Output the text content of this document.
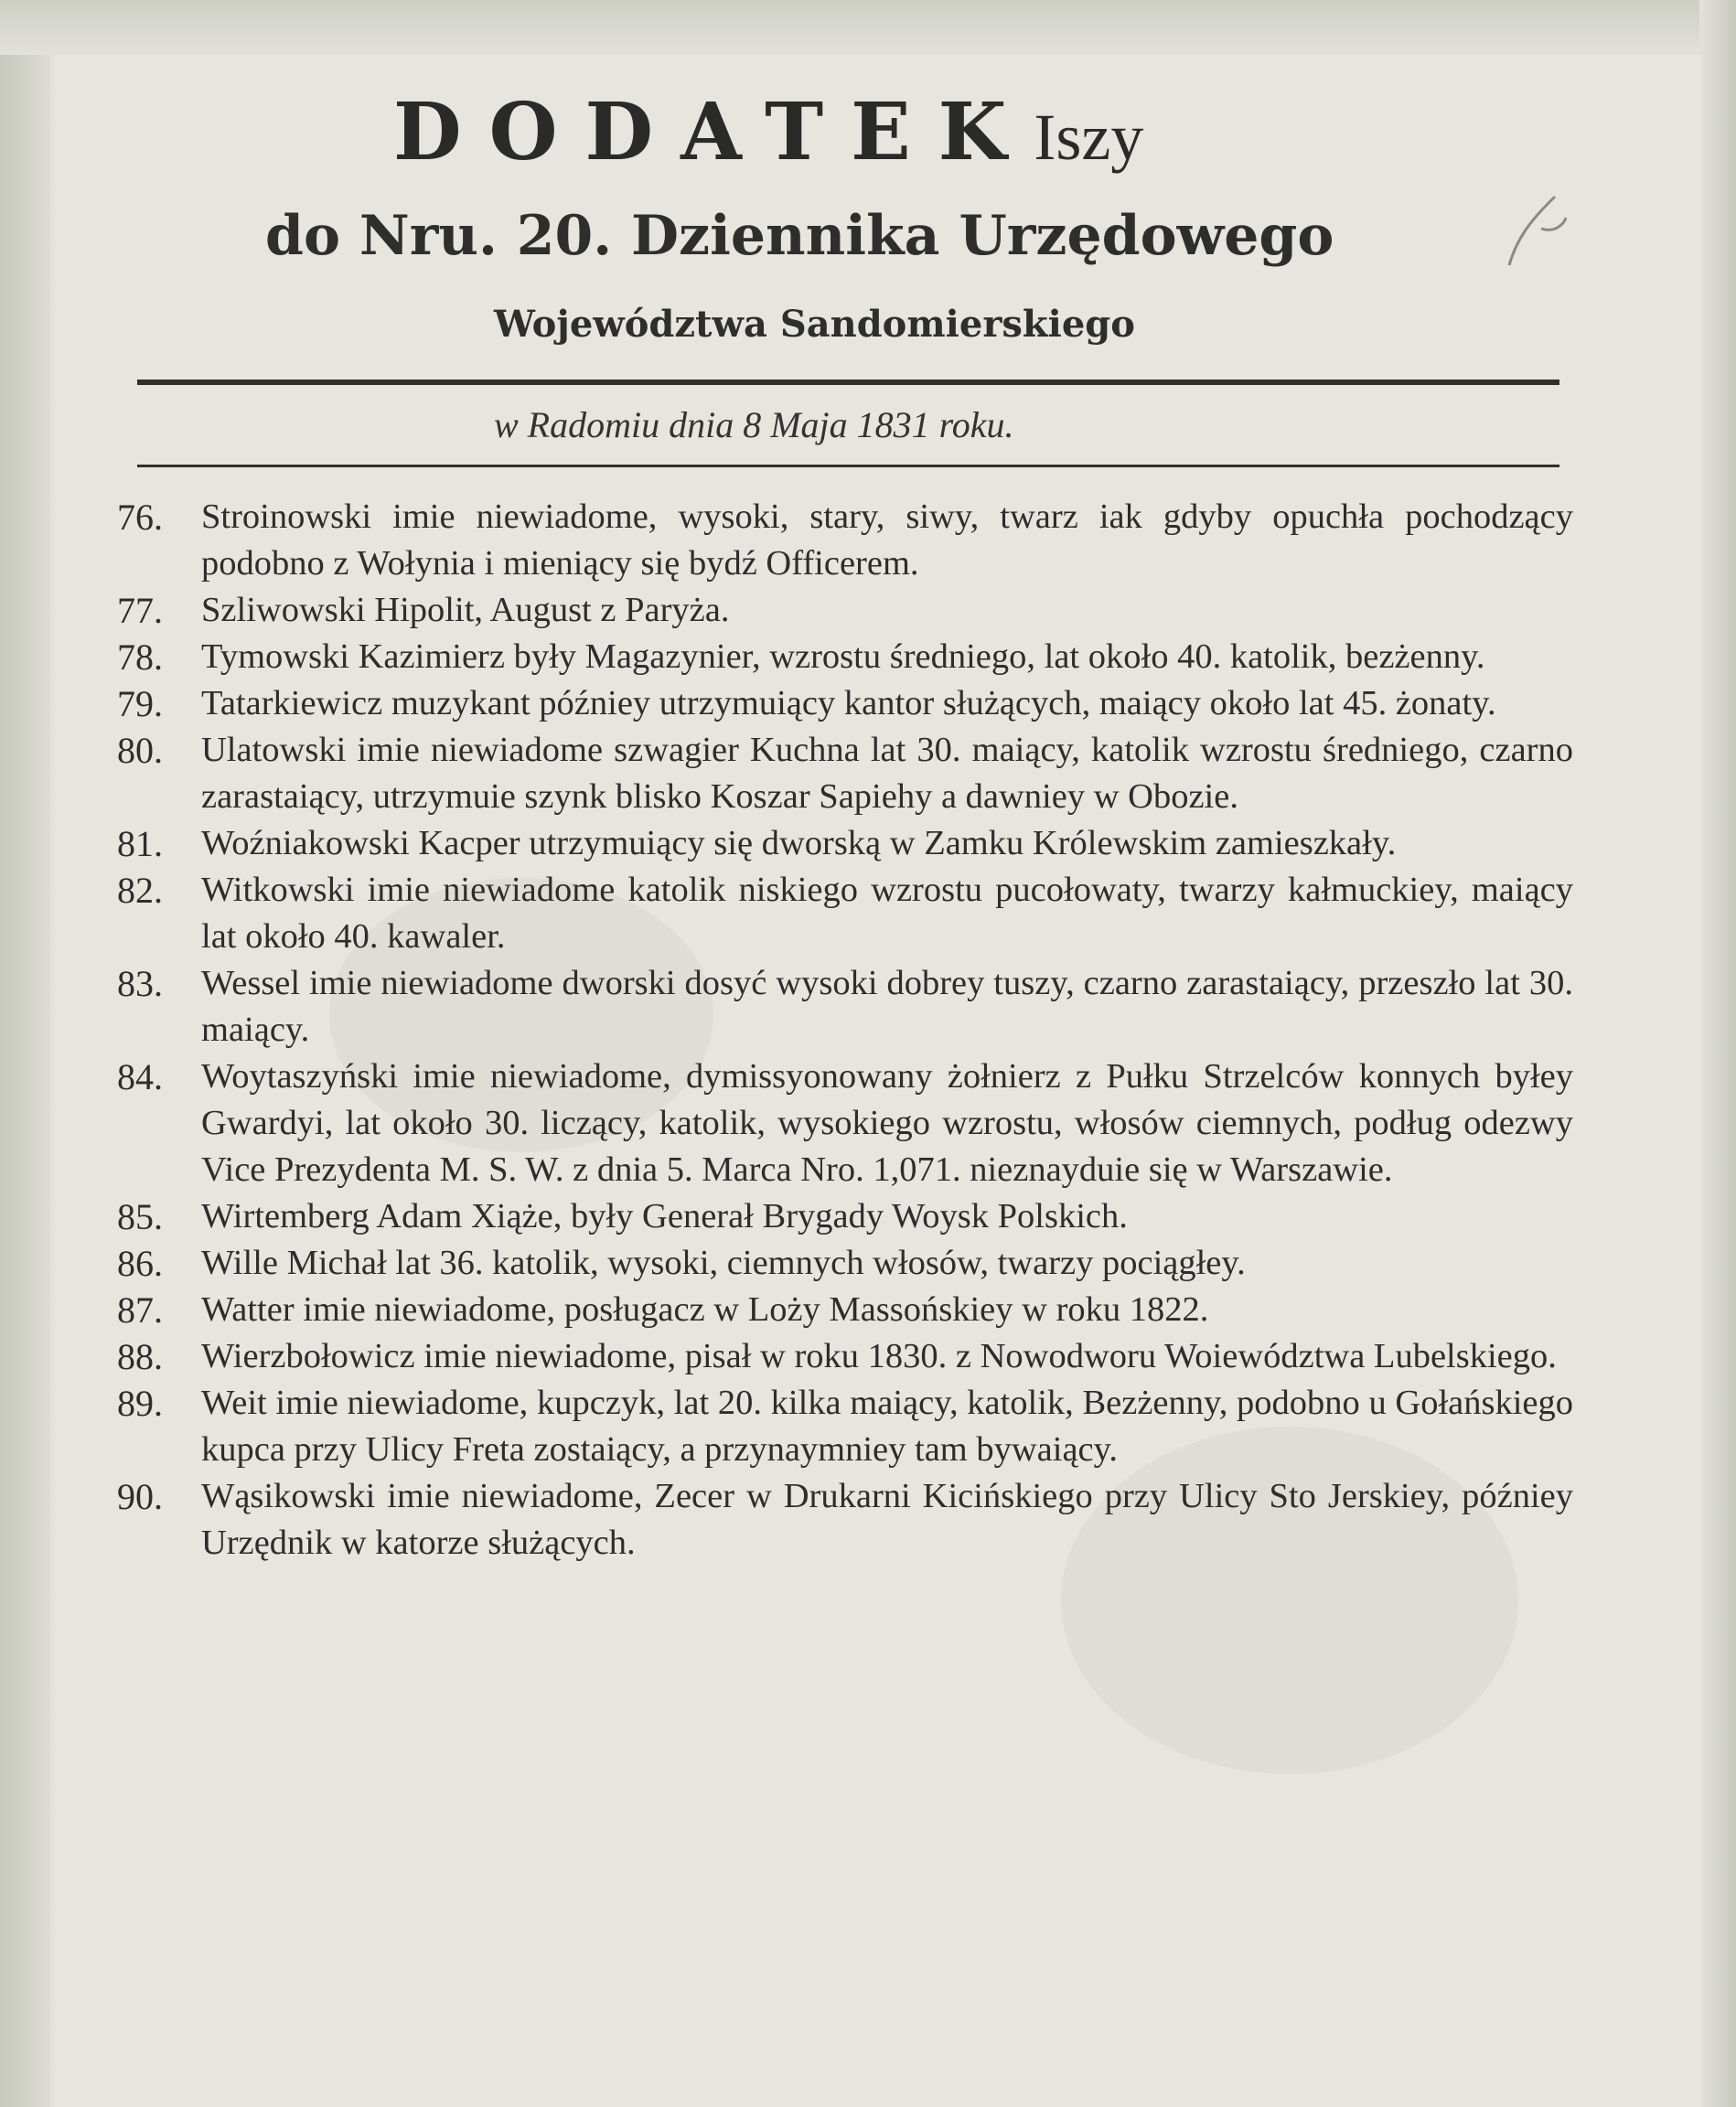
DODATEKIszy
do Nru. 20. Dziennika Urzędowego
Województwa Sandomierskiego
w Radomiu dnia 8 Maja 1831 roku.
76.	Stroinowski imie niewiadome, wysoki, stary, siwy, twarz iak gdyby opuchła pochodzący podobno z Wołynia i mieniący się bydź Officerem.
77.	Szliwowski Hipolit, August z Paryża.
78.	Tymowski Kazimierz były Magazynier, wzrostu średniego, lat około 40. katolik, bezżenny.
79.	Tatarkiewicz muzykant późniey utrzymuiący kantor służących, maiący około lat 45. żonaty.
80.	Ulatowski imie niewiadome szwagier Kuchna lat 30. maiący, katolik wzrostu średniego, czarno zarastaiący, utrzymuie szynk blisko Koszar Sapiehy a dawniey w Obozie.
81.	Woźniakowski Kacper utrzymuiący się dworską w Zamku Królewskim zamieszkały.
82.	Witkowski imie niewiadome katolik niskiego wzrostu pucołowaty, twarzy kałmuckiey, maiący lat około 40. kawaler.
83.	Wessel imie niewiadome dworski dosyć wysoki dobrey tuszy, czarno zarastaiący, przeszło lat 30. maiący.
84.	Woytaszyński imie niewiadome, dymissyonowany żołnierz z Pułku Strzelców konnych byłey Gwardyi, lat około 30. liczący, katolik, wysokiego wzrostu, włosów ciemnych, podług odezwy Vice Prezydenta M. S. W. z dnia 5. Marca Nro. 1,071. nieznayduie się w Warszawie.
85.	Wirtemberg Adam Xiąże, były Generał Brygady Woysk Polskich.
86.	Wille Michał lat 36. katolik, wysoki, ciemnych włosów, twarzy pociągłey.
87.	Watter imie niewiadome, posługacz w Loży Massońskiey w roku 1822.
88.	Wierzbołowicz imie niewiadome, pisał w roku 1830. z Nowodworu Woiewództwa Lubelskiego.
89.	Weit imie niewiadome, kupczyk, lat 20. kilka maiący, katolik, Bezżenny, podobno u Gołańskiego kupca przy Ulicy Freta zostaiący, a przynaymniey tam bywaiący.
90.	Wąsikowski imie niewiadome, Zecer w Drukarni Kicińskiego przy Ulicy Sto Jerskiey, późniey Urzędnik w katorze służących.
